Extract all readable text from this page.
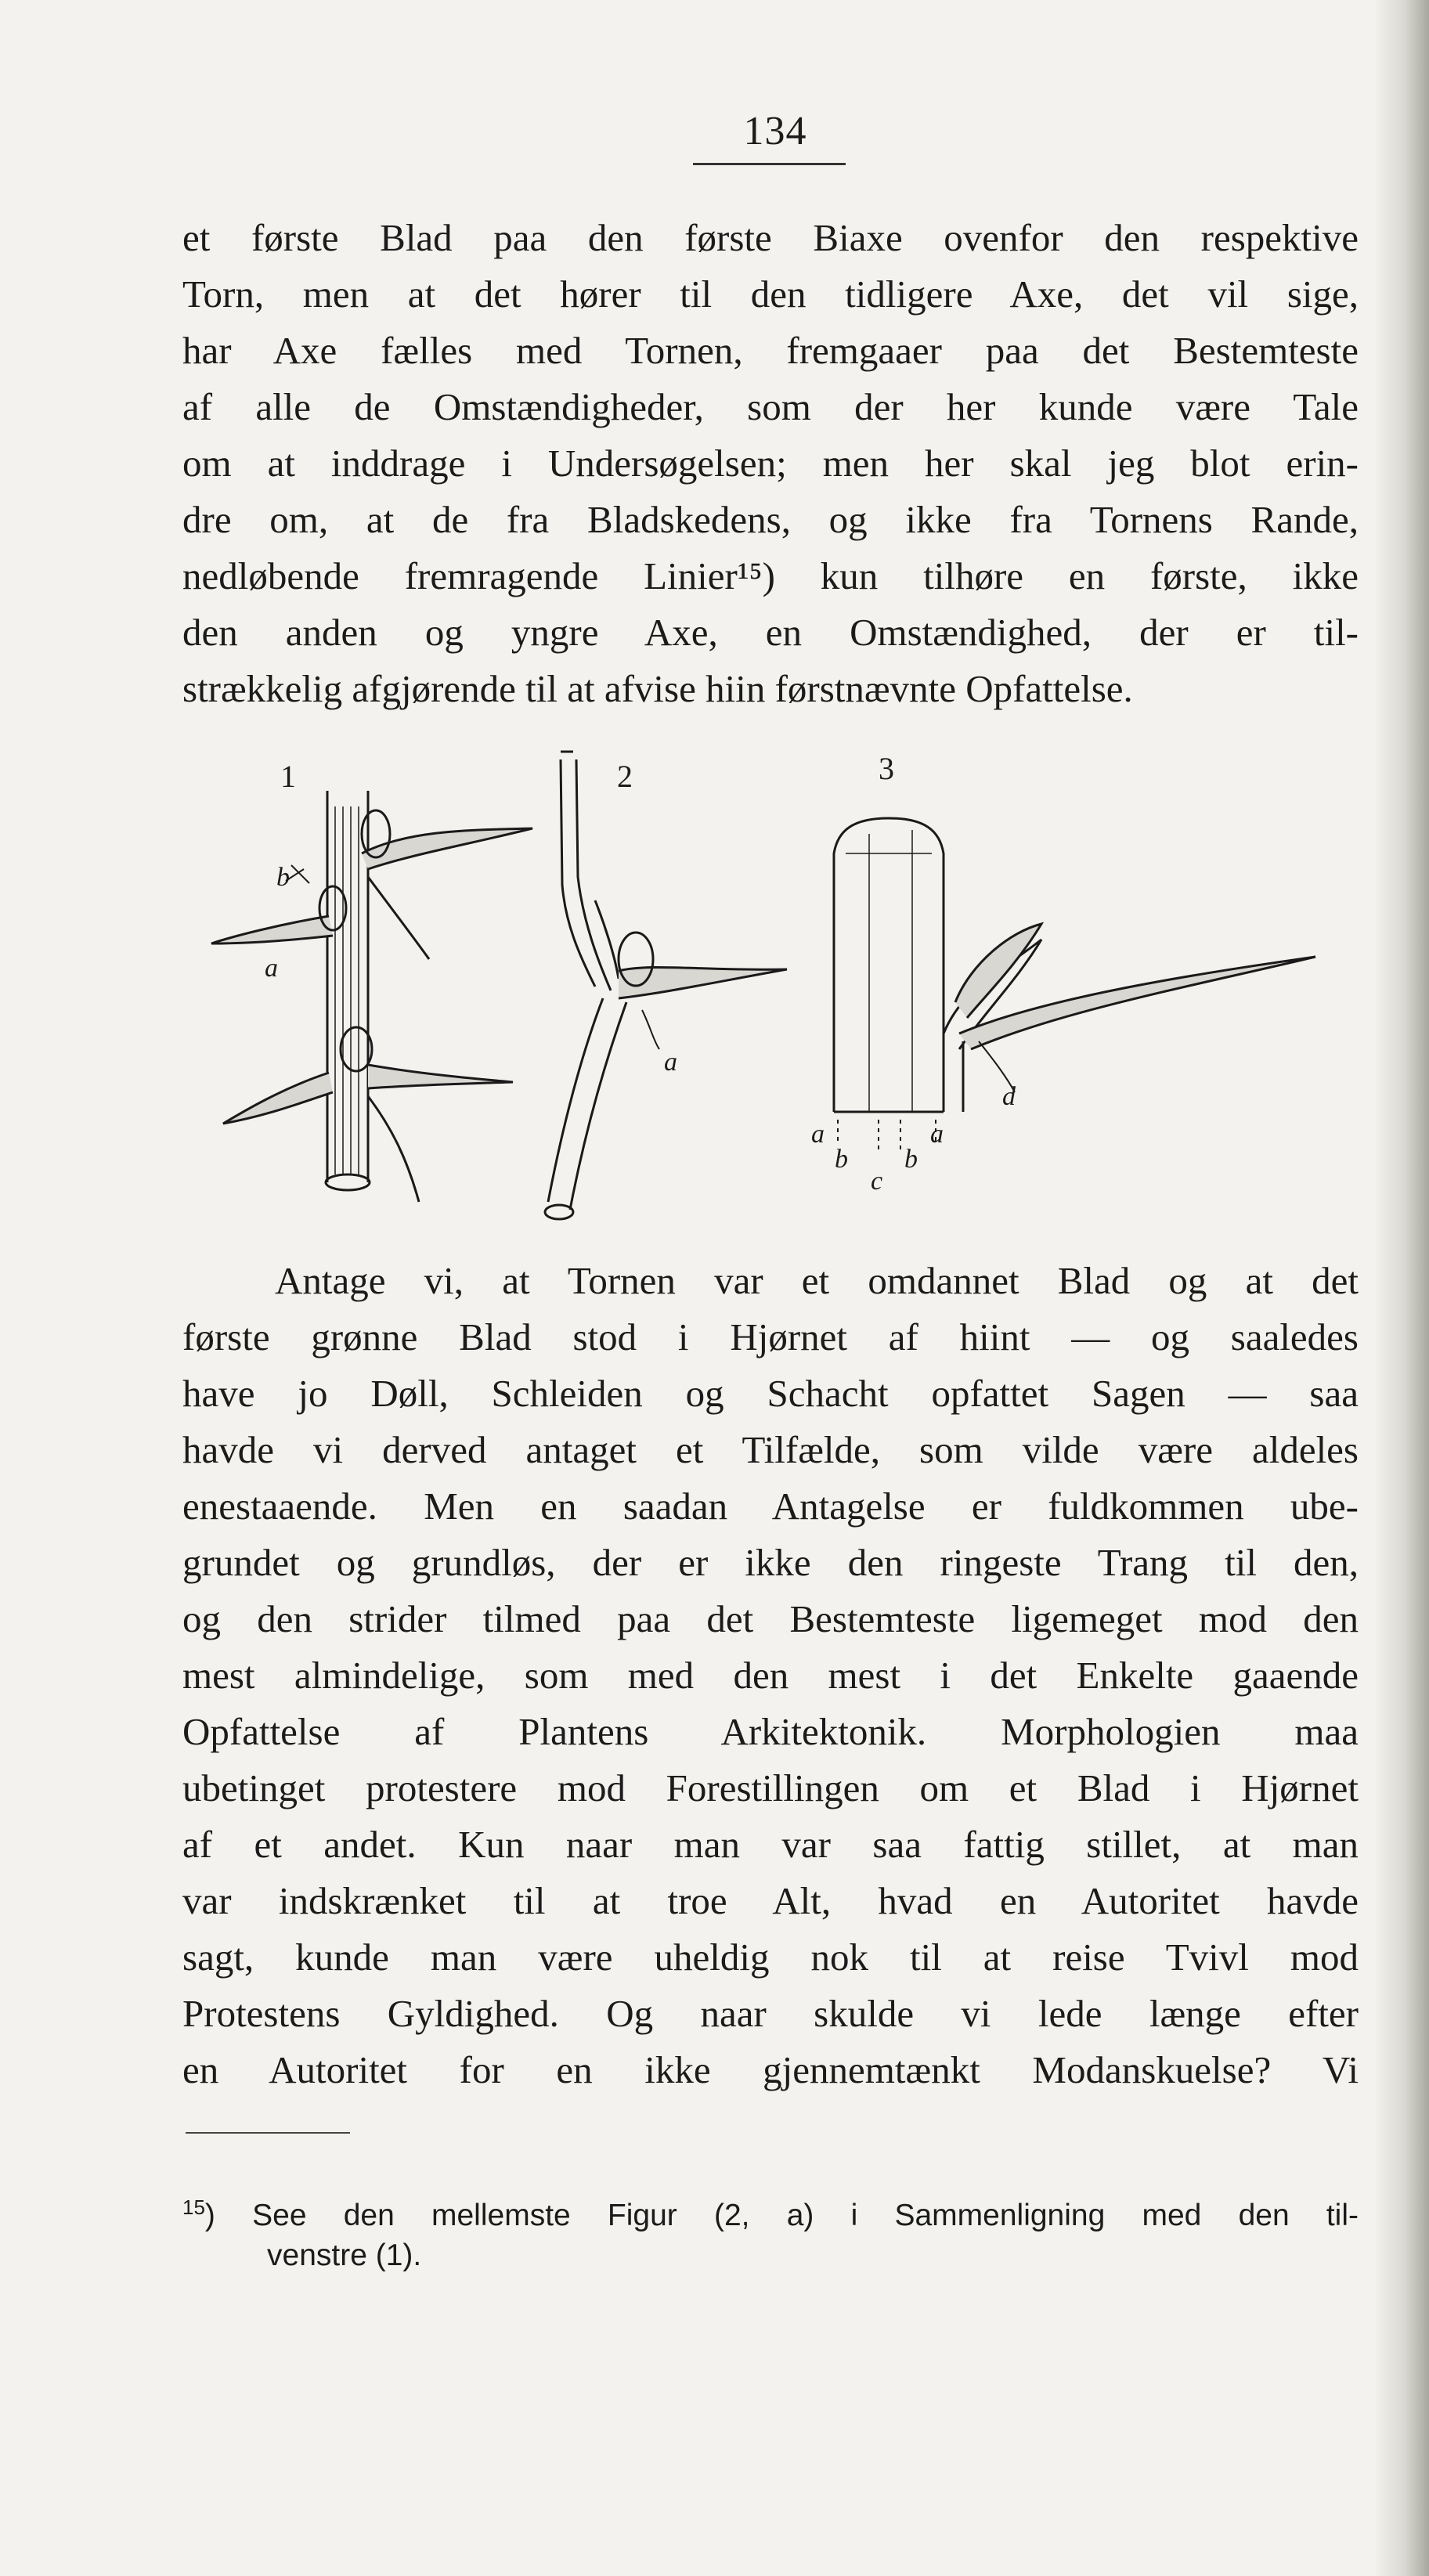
134
et første Blad paa den første Biaxe ovenfor den respektive
Torn, men at det hører til den tidligere Axe, det vil sige,
har Axe fælles med Tornen, fremgaaer paa det Bestemteste
af alle de Omstændigheder, som der her kunde være Tale
om at inddrage i Undersøgelsen; men her skal jeg blot erin-
dre om, at de fra Bladskedens, og ikke fra Tornens Rande,
nedløbende fremragende Linier¹⁵) kun tilhøre en første, ikke
den anden og yngre Axe, en Omstændighed, der er til-
strækkelig afgjørende til at afvise hiin førstnævnte Opfattelse.
1	2	3
b
a
a
d
a	a
b b
c
Antage vi, at Tornen var et omdannet Blad og at det
første grønne Blad stod i Hjørnet af hiint — og saaledes
have jo Døll, Schleiden og Schacht opfattet Sagen — saa
havde vi derved antaget et Tilfælde, som vilde være aldeles
enestaaende. Men en saadan Antagelse er fuldkommen ube-
grundet og grundløs, der er ikke den ringeste Trang til den,
og den strider tilmed paa det Bestemteste ligemeget mod den
mest almindelige, som med den mest i det Enkelte gaaende
Opfattelse af Plantens Arkitektonik. Morphologien maa
ubetinget protestere mod Forestillingen om et Blad i Hjørnet
af et andet. Kun naar man var saa fattig stillet, at man
var indskrænket til at troe Alt, hvad en Autoritet havde
sagt, kunde man være uheldig nok til at reise Tvivl mod
Protestens Gyldighed. Og naar skulde vi lede længe efter
en Autoritet for en ikke gjennemtænkt Modanskuelse? Vi
$^{15}$) See den mellemste Figur (2, a) i Sammenligning med den til-
venstre (1).
